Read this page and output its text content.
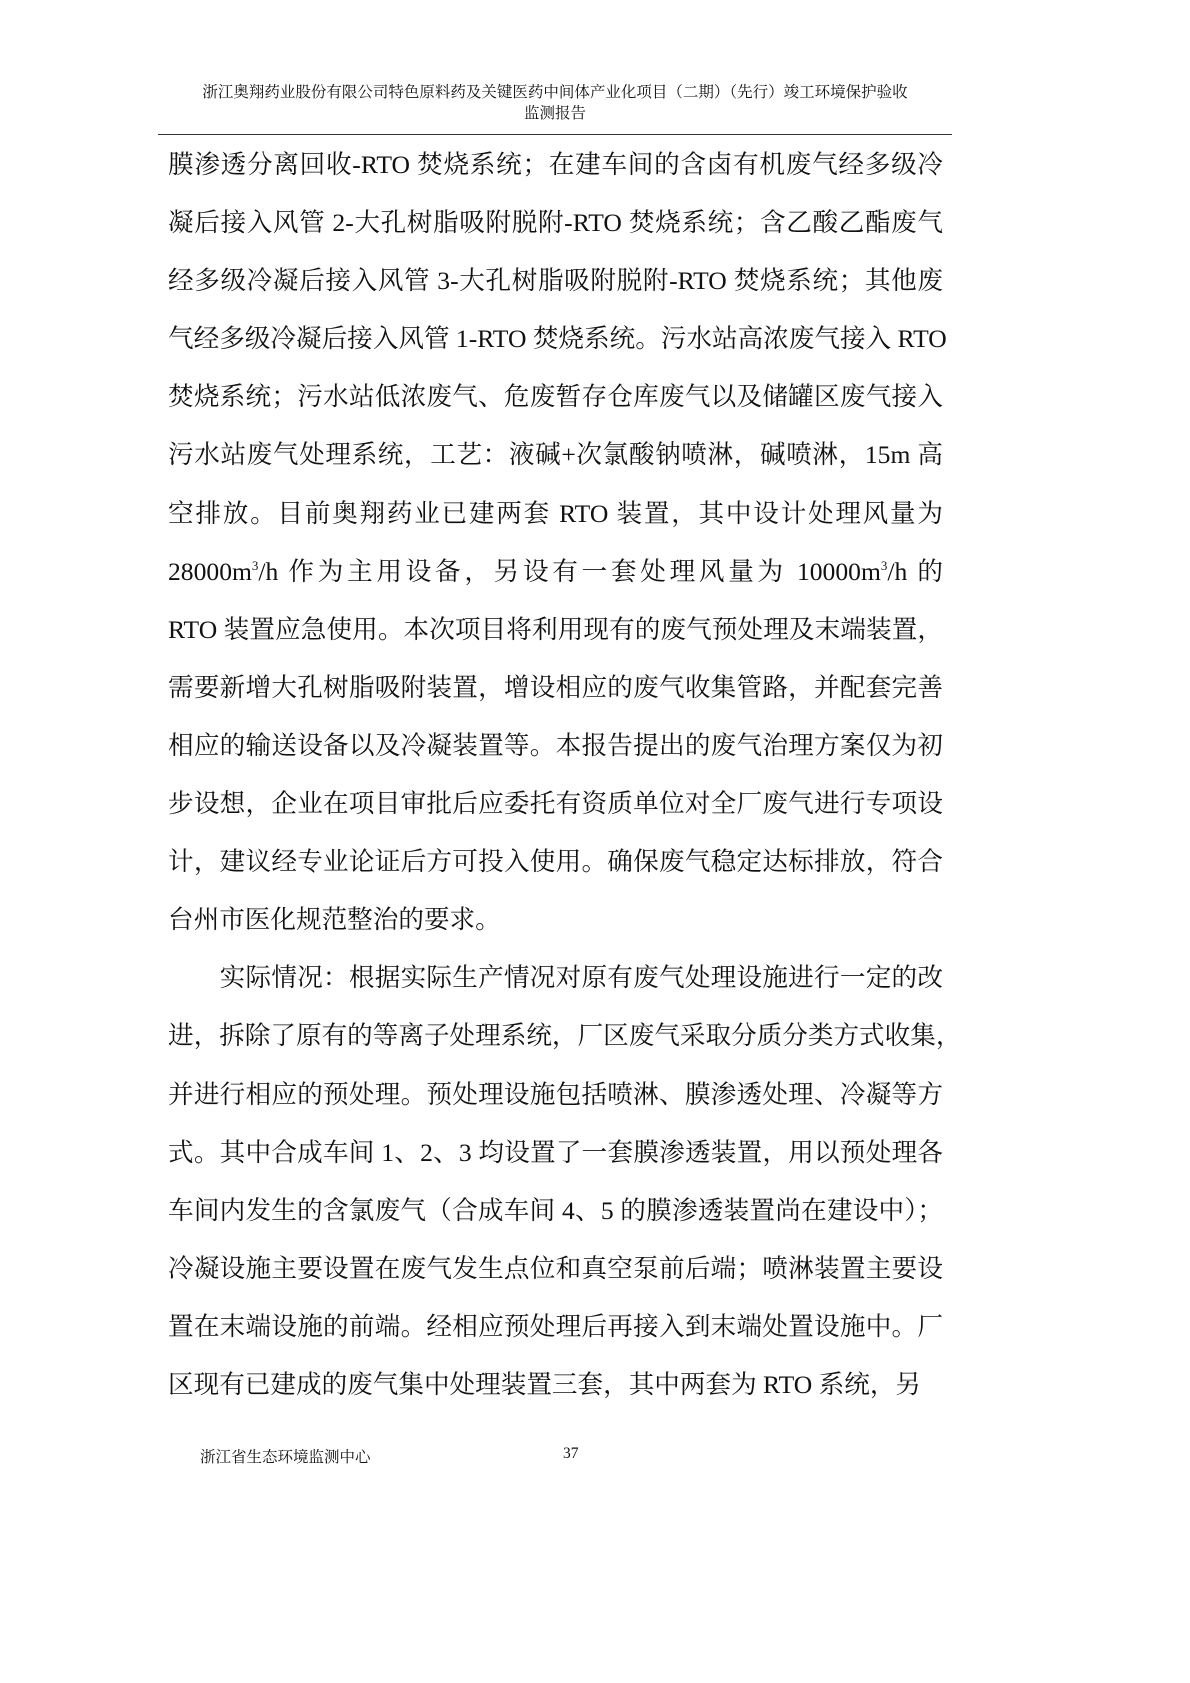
浙江奥翔药业股份有限公司特色原料药及关键医药中间体产业化项目（二期）（先行）竣工环境保护验收
监测报告
膜渗透分离回收-RTO 焚烧系统；在建车间的含卤有机废气经多级冷
凝后接入风管 2-大孔树脂吸附脱附-RTO 焚烧系统；含乙酸乙酯废气
经多级冷凝后接入风管 3-大孔树脂吸附脱附-RTO 焚烧系统；其他废
气经多级冷凝后接入风管 1-RTO 焚烧系统。污水站高浓废气接入 RTO
焚烧系统；污水站低浓废气、危废暂存仓库废气以及储罐区废气接入
污水站废气处理系统，工艺：液碱+次氯酸钠喷淋，碱喷淋，15m 高
空排放。目前奥翔药业已建两套 RTO 装置，其中设计处理风量为
$28000m^3/h$ 作为主用设备，另设有一套处理风量为 $10000m^3/h$ 的
RTO 装置应急使用。本次项目将利用现有的废气预处理及末端装置，
需要新增大孔树脂吸附装置，增设相应的废气收集管路，并配套完善
相应的输送设备以及冷凝装置等。本报告提出的废气治理方案仅为初
步设想，企业在项目审批后应委托有资质单位对全厂废气进行专项设
计，建议经专业论证后方可投入使用。确保废气稳定达标排放，符合
台州市医化规范整治的要求。
　　实际情况：根据实际生产情况对原有废气处理设施进行一定的改
进，拆除了原有的等离子处理系统，厂区废气采取分质分类方式收集，
并进行相应的预处理。预处理设施包括喷淋、膜渗透处理、冷凝等方
式。其中合成车间 1、2、3 均设置了一套膜渗透装置，用以预处理各
车间内发生的含氯废气（合成车间 4、5 的膜渗透装置尚在建设中）；
冷凝设施主要设置在废气发生点位和真空泵前后端；喷淋装置主要设
置在末端设施的前端。经相应预处理后再接入到末端处置设施中。厂
区现有已建成的废气集中处理装置三套，其中两套为 RTO 系统，另
浙江省生态环境监测中心	37
